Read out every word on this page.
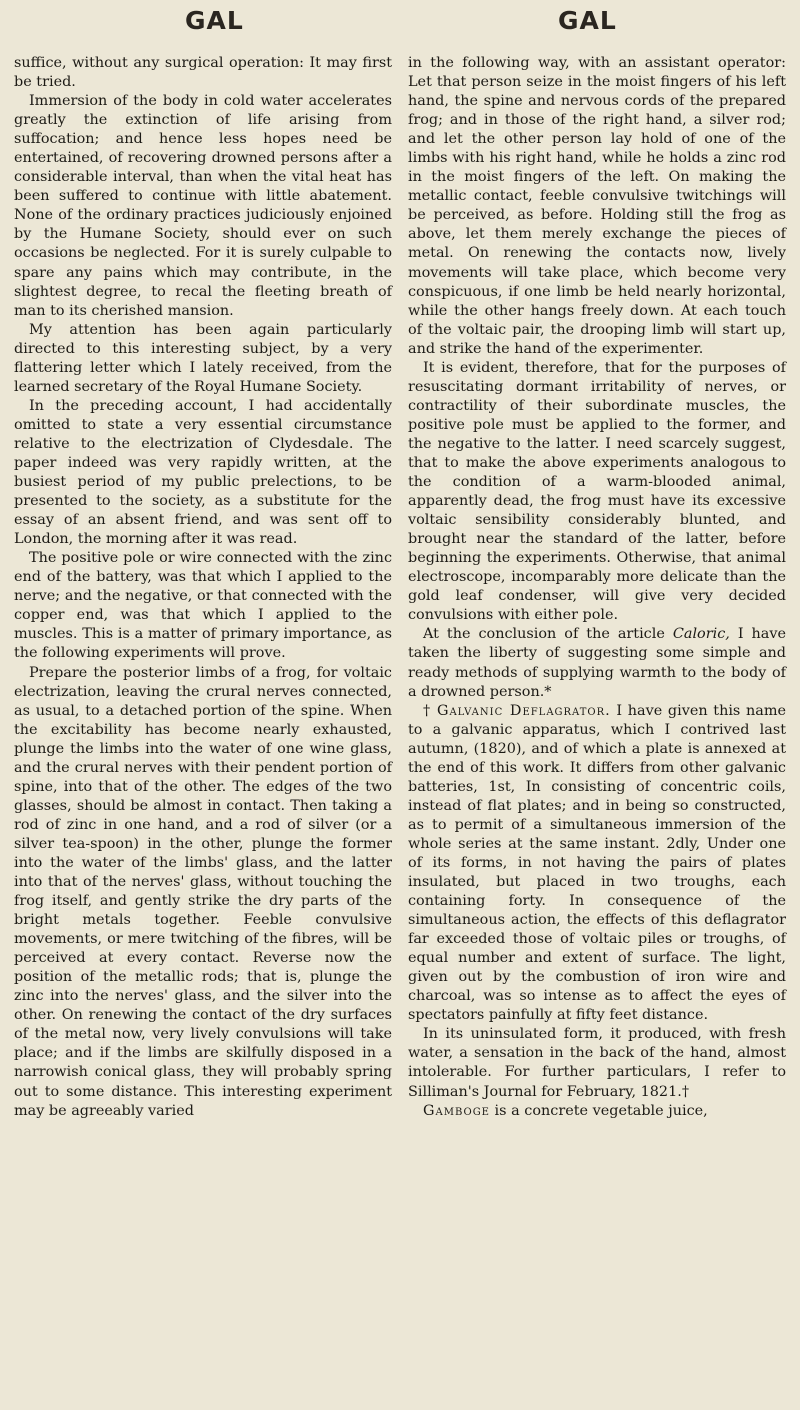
GAL	GAL

suffice, without any surgical operation: It may first be tried.

Immersion of the body in cold water accelerates greatly the extinction of life arising from suffocation; and hence less hopes need be entertained, of recovering drowned persons after a considerable interval, than when the vital heat has been suffered to continue with little abatement. None of the ordinary practices judiciously enjoined by the Humane Society, should ever on such occasions be neglected. For it is surely culpable to spare any pains which may contribute, in the slightest degree, to recal the fleeting breath of man to its cherished mansion.

My attention has been again particularly directed to this interesting subject, by a very flattering letter which I lately received, from the learned secretary of the Royal Humane Society.

In the preceding account, I had accidentally omitted to state a very essential circumstance relative to the electrization of Clydesdale. The paper indeed was very rapidly written, at the busiest period of my public prelections, to be presented to the society, as a substitute for the essay of an absent friend, and was sent off to London, the morning after it was read.

The positive pole or wire connected with the zinc end of the battery, was that which I applied to the nerve; and the negative, or that connected with the copper end, was that which I applied to the muscles. This is a matter of primary importance, as the following experiments will prove.

Prepare the posterior limbs of a frog, for voltaic electrization, leaving the crural nerves connected, as usual, to a detached portion of the spine. When the excitability has become nearly exhausted, plunge the limbs into the water of one wine glass, and the crural nerves with their pendent portion of spine, into that of the other. The edges of the two glasses, should be almost in contact. Then taking a rod of zinc in one hand, and a rod of silver (or a silver tea-spoon) in the other, plunge the former into the water of the limbs' glass, and the latter into that of the nerves' glass, without touching the frog itself, and gently strike the dry parts of the bright metals together. Feeble convulsive movements, or mere twitching of the fibres, will be perceived at every contact. Reverse now the position of the metallic rods; that is, plunge the zinc into the nerves' glass, and the silver into the other. On renewing the contact of the dry surfaces of the metal now, very lively convulsions will take place; and if the limbs are skilfully disposed in a narrowish conical glass, they will probably spring out to some distance. This interesting experiment may be agreeably varied

in the following way, with an assistant operator: Let that person seize in the moist fingers of his left hand, the spine and nervous cords of the prepared frog; and in those of the right hand, a silver rod; and let the other person lay hold of one of the limbs with his right hand, while he holds a zinc rod in the moist fingers of the left. On making the metallic contact, feeble convulsive twitchings will be perceived, as before. Holding still the frog as above, let them merely exchange the pieces of metal. On renewing the contacts now, lively movements will take place, which become very conspicuous, if one limb be held nearly horizontal, while the other hangs freely down. At each touch of the voltaic pair, the drooping limb will start up, and strike the hand of the experimenter.

It is evident, therefore, that for the purposes of resuscitating dormant irritability of nerves, or contractility of their subordinate muscles, the positive pole must be applied to the former, and the negative to the latter. I need scarcely suggest, that to make the above experiments analogous to the condition of a warm-blooded animal, apparently dead, the frog must have its excessive voltaic sensibility considerably blunted, and brought near the standard of the latter, before beginning the experiments. Otherwise, that animal electroscope, incomparably more delicate than the gold leaf condenser, will give very decided convulsions with either pole.

At the conclusion of the article Caloric, I have taken the liberty of suggesting some simple and ready methods of supplying warmth to the body of a drowned person.*

† Galvanic Deflagrator. I have given this name to a galvanic apparatus, which I contrived last autumn, (1820), and of which a plate is annexed at the end of this work. It differs from other galvanic batteries, 1st, In consisting of concentric coils, instead of flat plates; and in being so constructed, as to permit of a simultaneous immersion of the whole series at the same instant. 2dly, Under one of its forms, in not having the pairs of plates insulated, but placed in two troughs, each containing forty. In consequence of the simultaneous action, the effects of this deflagrator far exceeded those of voltaic piles or troughs, of equal number and extent of surface. The light, given out by the combustion of iron wire and charcoal, was so intense as to affect the eyes of spectators painfully at fifty feet distance.

In its uninsulated form, it produced, with fresh water, a sensation in the back of the hand, almost intolerable. For further particulars, I refer to Silliman's Journal for February, 1821.†

Gamboge is a concrete vegetable juice,
